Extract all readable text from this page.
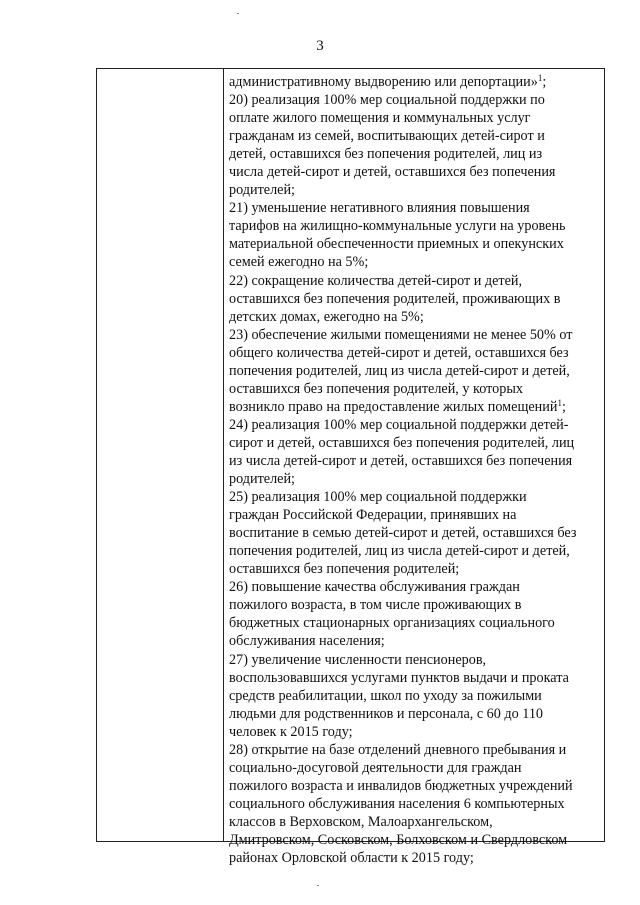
3
административному выдворению или депортации»$^1$;
20) реализация 100% мер социальной поддержки по
оплате жилого помещения и коммунальных услуг
гражданам из семей, воспитывающих детей-сирот и
детей, оставшихся без попечения родителей, лиц из
числа детей-сирот и детей, оставшихся без попечения
родителей;
21) уменьшение негативного влияния повышения
тарифов на жилищно-коммунальные услуги на уровень
материальной обеспеченности приемных и опекунских
семей ежегодно на 5%;
22) сокращение количества детей-сирот и детей,
оставшихся без попечения родителей, проживающих в
детских домах, ежегодно на 5%;
23) обеспечение жилыми помещениями не менее 50% от
общего количества детей-сирот и детей, оставшихся без
попечения родителей, лиц из числа детей-сирот и детей,
оставшихся без попечения родителей, у которых
возникло право на предоставление жилых помещений$^1$;
24) реализация 100% мер социальной поддержки детей-
сирот и детей, оставшихся без попечения родителей, лиц
из числа детей-сирот и детей, оставшихся без попечения
родителей;
25) реализация 100% мер социальной поддержки
граждан Российской Федерации, принявших на
воспитание в семью детей-сирот и детей, оставшихся без
попечения родителей, лиц из числа детей-сирот и детей,
оставшихся без попечения родителей;
26) повышение качества обслуживания граждан
пожилого возраста, в том числе проживающих в
бюджетных стационарных организациях социального
обслуживания населения;
27) увеличение численности пенсионеров,
воспользовавшихся услугами пунктов выдачи и проката
средств реабилитации, школ по уходу за пожилыми
людьми для родственников и персонала, с 60 до 110
человек к 2015 году;
28) открытие на базе отделений дневного пребывания и
социально-досуговой деятельности для граждан
пожилого возраста и инвалидов бюджетных учреждений
социального обслуживания населения 6 компьютерных
классов в Верховском, Малоархангельском,
Дмитровском, Сосковском, Болховском и Свердловском
районах Орловской области к 2015 году;
